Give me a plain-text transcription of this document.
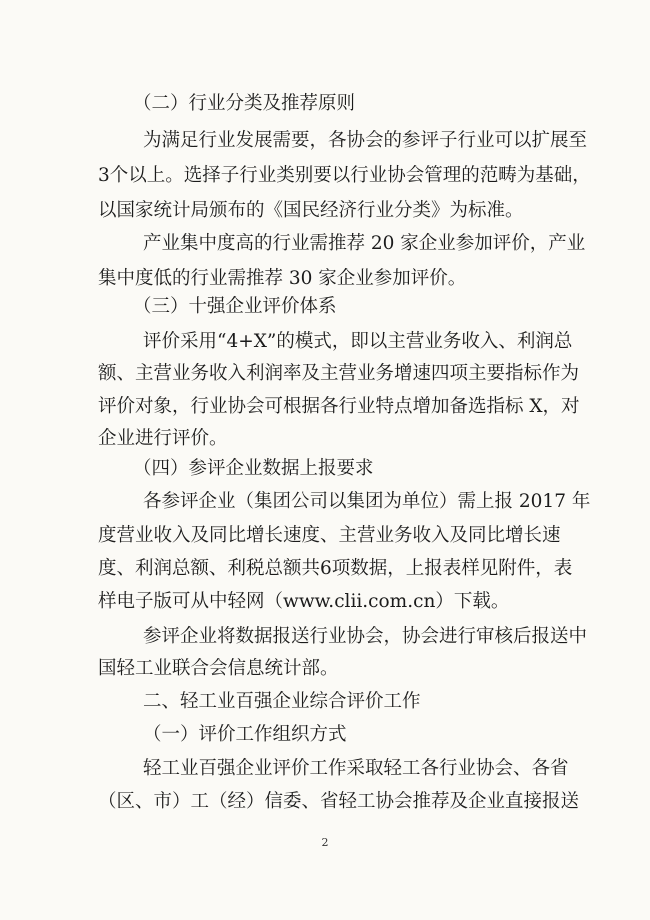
（二）行业分类及推荐原则
为满足行业发展需要，各协会的参评子行业可以扩展至
3个以上。选择子行业类别要以行业协会管理的范畴为基础，
以国家统计局颁布的《国民经济行业分类》为标准。
产业集中度高的行业需推荐 20 家企业参加评价，产业
集中度低的行业需推荐 30 家企业参加评价。
（三）十强企业评价体系
评价采用“4+X”的模式，即以主营业务收入、利润总
额、主营业务收入利润率及主营业务增速四项主要指标作为
评价对象，行业协会可根据各行业特点增加备选指标 X，对
企业进行评价。
（四）参评企业数据上报要求
各参评企业（集团公司以集团为单位）需上报 2017 年
度营业收入及同比增长速度、主营业务收入及同比增长速
度、利润总额、利税总额共6项数据，上报表样见附件，表
样电子版可从中轻网（www.clii.com.cn）下载。
参评企业将数据报送行业协会，协会进行审核后报送中
国轻工业联合会信息统计部。
二、轻工业百强企业综合评价工作
（一）评价工作组织方式
轻工业百强企业评价工作采取轻工各行业协会、各省
（区、市）工（经）信委、省轻工协会推荐及企业直接报送
2
